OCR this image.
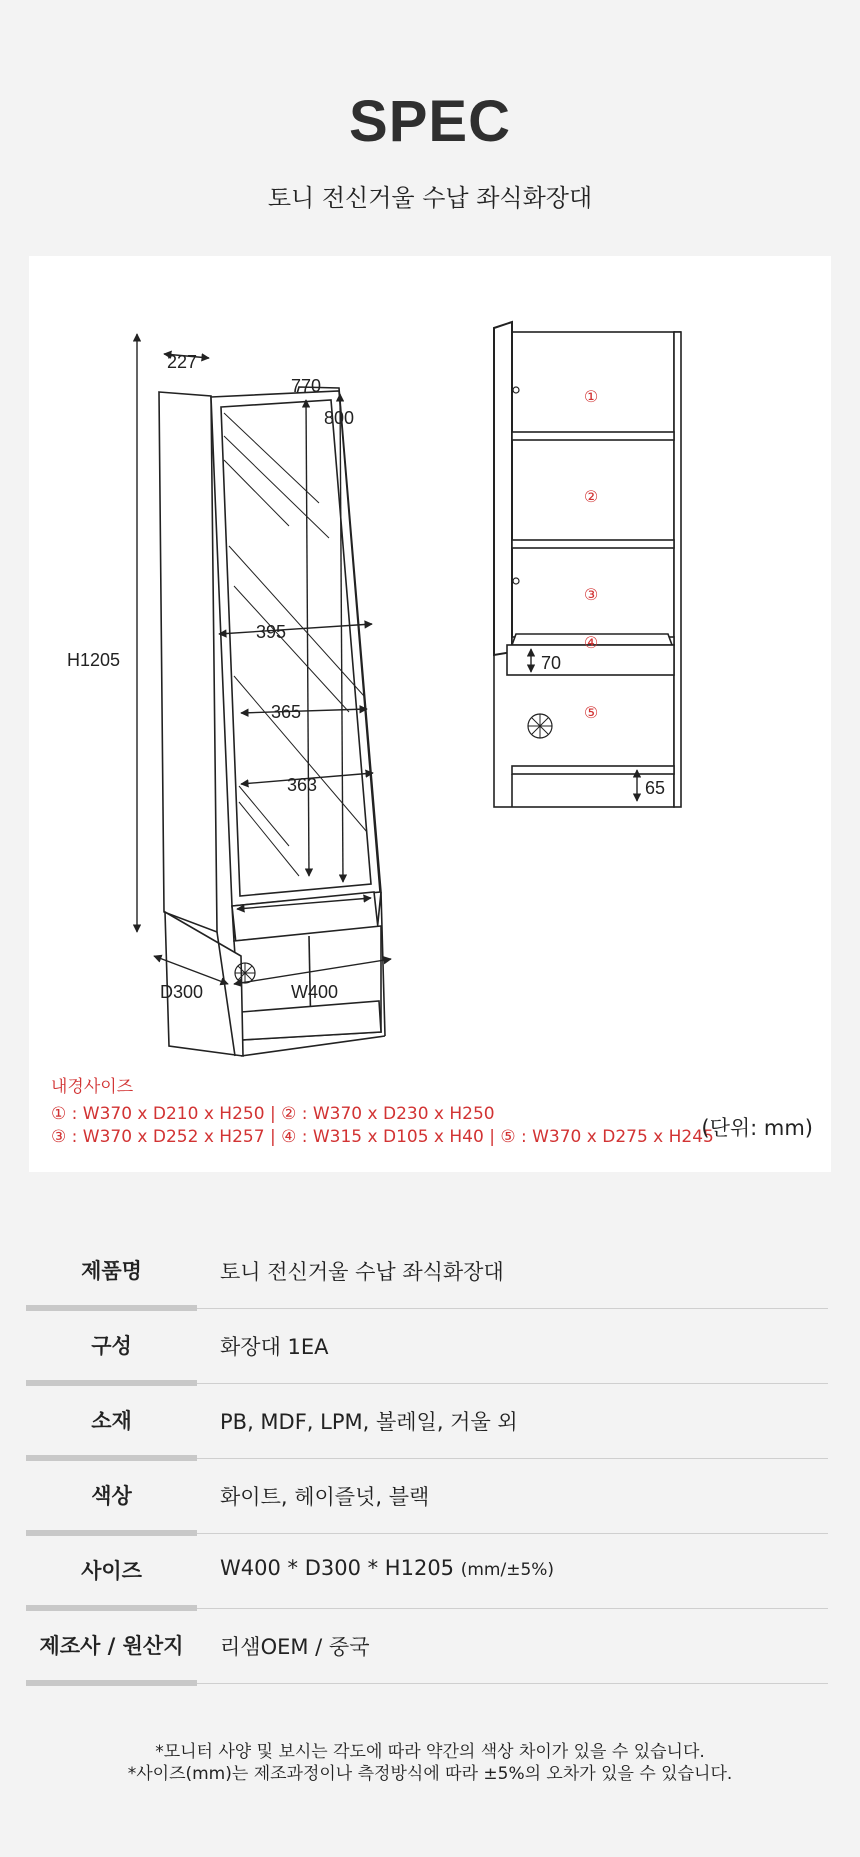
SPEC
토니 전신거울 수납 좌식화장대
227
770
800
395
365
363
H1205
D300	W400
70
65
①
②
③
④
⑤
내경사이즈
① : W370 x D210 x H250 | ② : W370 x D230 x H250
③ : W370 x D252 x H257 | ④ : W315 x D105 x H40 | ⑤ : W370 x D275 x H245
(단위: mm)
제품명	토니 전신거울 수납 좌식화장대
구성	화장대 1EA
소재	PB, MDF, LPM, 볼레일, 거울 외
색상	화이트, 헤이즐넛, 블랙
사이즈	W400 * D300 * H1205 (mm/±5%)
제조사 / 원산지	리샘OEM / 중국
*모니터 사양 및 보시는 각도에 따라 약간의 색상 차이가 있을 수 있습니다.
*사이즈(mm)는 제조과정이나 측정방식에 따라 ±5%의 오차가 있을 수 있습니다.
